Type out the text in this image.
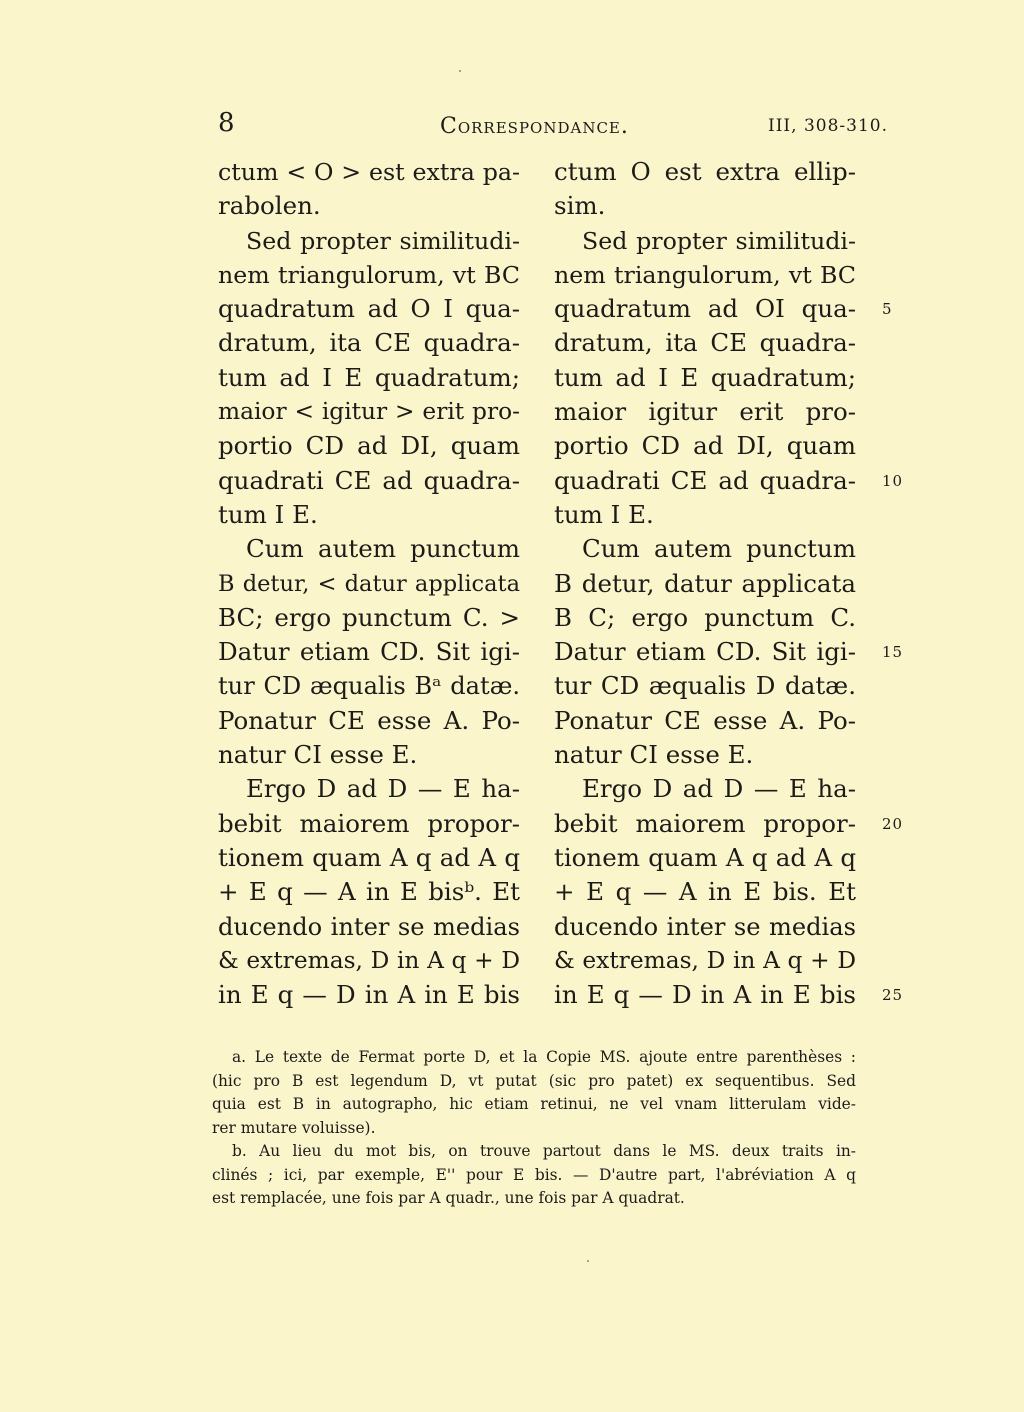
8	Correspondance.	III, 308-310.
ctum < O > est extra pa-
rabolen.
Sed propter similitudi-
nem triangulorum, vt BC
quadratum ad O I qua-
dratum, ita CE quadra-
tum ad I E quadratum;
maior < igitur > erit pro-
portio CD ad DI, quam
quadrati CE ad quadra-
tum I E.
Cum autem punctum
B detur, < datur applicata
BC; ergo punctum C. >
Datur etiam CD. Sit igi-
tur CD æqualis Bᵃ datæ.
Ponatur CE esse A. Po-
natur CI esse E.
Ergo D ad D — E ha-
bebit maiorem propor-
tionem quam A q ad A q
+ E q — A in E bisᵇ. Et
ducendo inter se medias
& extremas, D in A q + D
in E q — D in A in E bis
ctum O est extra ellip-
sim.
Sed propter similitudi-
nem triangulorum, vt BC
quadratum ad OI qua-
dratum, ita CE quadra-
tum ad I E quadratum;
maior igitur erit pro-
portio CD ad DI, quam
quadrati CE ad quadra-
tum I E.
Cum autem punctum
B detur, datur applicata
B C; ergo punctum C.
Datur etiam CD. Sit igi-
tur CD æqualis D datæ.
Ponatur CE esse A. Po-
natur CI esse E.
Ergo D ad D — E ha-
bebit maiorem propor-
tionem quam A q ad A q
+ E q — A in E bis. Et
ducendo inter se medias
& extremas, D in A q + D
in E q — D in A in E bis
5
10
15
20
25
a. Le texte de Fermat porte D, et la Copie MS. ajoute entre parenthèses :
(hic pro B est legendum D, vt putat (sic pro patet) ex sequentibus. Sed
quia est B in autographo, hic etiam retinui, ne vel vnam litterulam vide-
rer mutare voluisse).
b. Au lieu du mot bis, on trouve partout dans le MS. deux traits in-
clinés ; ici, par exemple, E'' pour E bis. — D'autre part, l'abréviation A q
est remplacée, une fois par A quadr., une fois par A quadrat.
